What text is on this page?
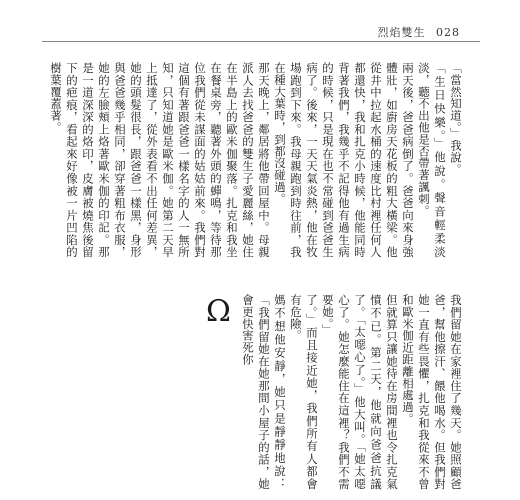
烈焰雙生 028

「當然知道。」我說。

「生日快樂。」他說。聲音輕柔淡淡，聽不出他是否帶著諷刺。

兩天後，爸爸病倒了。爸爸向來身強體壯，如廚房天花板的粗大橫梁。他從井中拉起水桶的速度比村裡任何人都還快，我和扎克小時候，他能同時背著我們，我幾乎不記得他有過生病的時候，只是現在也不常碰到爸爸生病了。後來，一天天氣炎熱，他在牧場跑到下來。我母親跑到時往前，我在種大葉時，到都沒碰過。

那天晚上，鄰居將他帶回屋中。母親派人去找爸爸的雙生子愛麗絲，她住在半島上的歐米伽聚落。扎克和我坐在餐桌旁，聽著外頭的蟬鳴，等待那位我們從未謀面的姑姑前來。我們對這個有著跟爸爸一樣名字的人一無所知，只知道她是歐米伽。她第二天早上抵達了，從外表看不出任何差異，她的頭髮很長，跟爸爸一樣黑，身形與爸爸幾乎相同，卻穿著粗布衣服，她的左臉頰上烙著歐米伽的印記。那是一道深深的烙印，皮膚被燒焦後留下的疤痕，看起來好像被一片凹陷的樹葉覆蓋著。

Ω	我們留她在家裡住了幾天。她照顧爸爸，幫他擦汗、餵他喝水。但我們對她一直有些畏懼，扎克和我從來不曾和歐米伽近距離相處過。

但就算只讓她待在房間裡也令扎克氣憤不已。第二天，他就向爸爸抗議了。「太噁心了。」他大叫。「她太噁心了。她怎麼能住在這裡？我們不需要她。」

了。」而且接近她，我們所有人都會有危險。

媽不想他安靜，她只是靜靜地說：「我們留她在她那間小屋子的話，她會更快害死你
